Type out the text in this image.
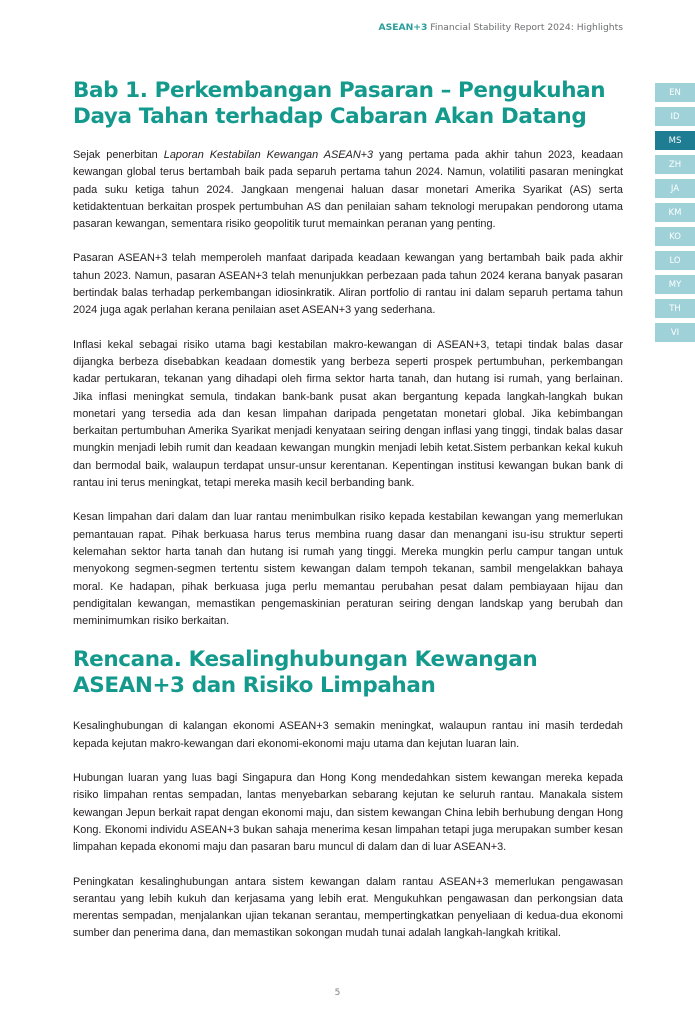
ASEAN+3 Financial Stability Report 2024: Highlights
EN
ID
MS
ZH
JA
KM
KO
LO
MY
TH
VI
Bab 1. Perkembangan Pasaran – Pengukuhan Daya Tahan terhadap Cabaran Akan Datang

Sejak penerbitan Laporan Kestabilan Kewangan ASEAN+3 yang pertama pada akhir tahun 2023, keadaan kewangan global terus bertambah baik pada separuh pertama tahun 2024. Namun, volatiliti pasaran meningkat pada suku ketiga tahun 2024. Jangkaan mengenai haluan dasar monetari Amerika Syarikat (AS) serta ketidaktentuan berkaitan prospek pertumbuhan AS dan penilaian saham teknologi merupakan pendorong utama pasaran kewangan, sementara risiko geopolitik turut memainkan peranan yang penting.

Pasaran ASEAN+3 telah memperoleh manfaat daripada keadaan kewangan yang bertambah baik pada akhir tahun 2023. Namun, pasaran ASEAN+3 telah menunjukkan perbezaan pada tahun 2024 kerana banyak pasaran bertindak balas terhadap perkembangan idiosinkratik. Aliran portfolio di rantau ini dalam separuh pertama tahun 2024 juga agak perlahan kerana penilaian aset ASEAN+3 yang sederhana.

Inflasi kekal sebagai risiko utama bagi kestabilan makro-kewangan di ASEAN+3, tetapi tindak balas dasar dijangka berbeza disebabkan keadaan domestik yang berbeza seperti prospek pertumbuhan, perkembangan kadar pertukaran, tekanan yang dihadapi oleh firma sektor harta tanah, dan hutang isi rumah, yang berlainan. Jika inflasi meningkat semula, tindakan bank-bank pusat akan bergantung kepada langkah-langkah bukan monetari yang tersedia ada dan kesan limpahan daripada pengetatan monetari global. Jika kebimbangan berkaitan pertumbuhan Amerika Syarikat menjadi kenyataan seiring dengan inflasi yang tinggi, tindak balas dasar mungkin menjadi lebih rumit dan keadaan kewangan mungkin menjadi lebih ketat.Sistem perbankan kekal kukuh dan bermodal baik, walaupun terdapat unsur-unsur kerentanan. Kepentingan institusi kewangan bukan bank di rantau ini terus meningkat, tetapi mereka masih kecil berbanding bank.

Kesan limpahan dari dalam dan luar rantau menimbulkan risiko kepada kestabilan kewangan yang memerlukan pemantauan rapat. Pihak berkuasa harus terus membina ruang dasar dan menangani isu-isu struktur seperti kelemahan sektor harta tanah dan hutang isi rumah yang tinggi. Mereka mungkin perlu campur tangan untuk menyokong segmen-segmen tertentu sistem kewangan dalam tempoh tekanan, sambil mengelakkan bahaya moral. Ke hadapan, pihak berkuasa juga perlu memantau perubahan pesat dalam pembiayaan hijau dan pendigitalan kewangan, memastikan pengemaskinian peraturan seiring dengan landskap yang berubah dan meminimumkan risiko berkaitan.

Rencana. Kesalinghubungan Kewangan ASEAN+3 dan Risiko Limpahan

Kesalinghubungan di kalangan ekonomi ASEAN+3 semakin meningkat, walaupun rantau ini masih terdedah kepada kejutan makro-kewangan dari ekonomi-ekonomi maju utama dan kejutan luaran lain.

Hubungan luaran yang luas bagi Singapura dan Hong Kong mendedahkan sistem kewangan mereka kepada risiko limpahan rentas sempadan, lantas menyebarkan sebarang kejutan ke seluruh rantau. Manakala sistem kewangan Jepun berkait rapat dengan ekonomi maju, dan sistem kewangan China lebih berhubung dengan Hong Kong. Ekonomi individu ASEAN+3 bukan sahaja menerima kesan limpahan tetapi juga merupakan sumber kesan limpahan kepada ekonomi maju dan pasaran baru muncul di dalam dan di luar ASEAN+3.

Peningkatan kesalinghubungan antara sistem kewangan dalam rantau ASEAN+3 memerlukan pengawasan serantau yang lebih kukuh dan kerjasama yang lebih erat. Mengukuhkan pengawasan dan perkongsian data merentas sempadan, menjalankan ujian tekanan serantau, mempertingkatkan penyeliaan di kedua-dua ekonomi sumber dan penerima dana, dan memastikan sokongan mudah tunai adalah langkah-langkah kritikal.

5
